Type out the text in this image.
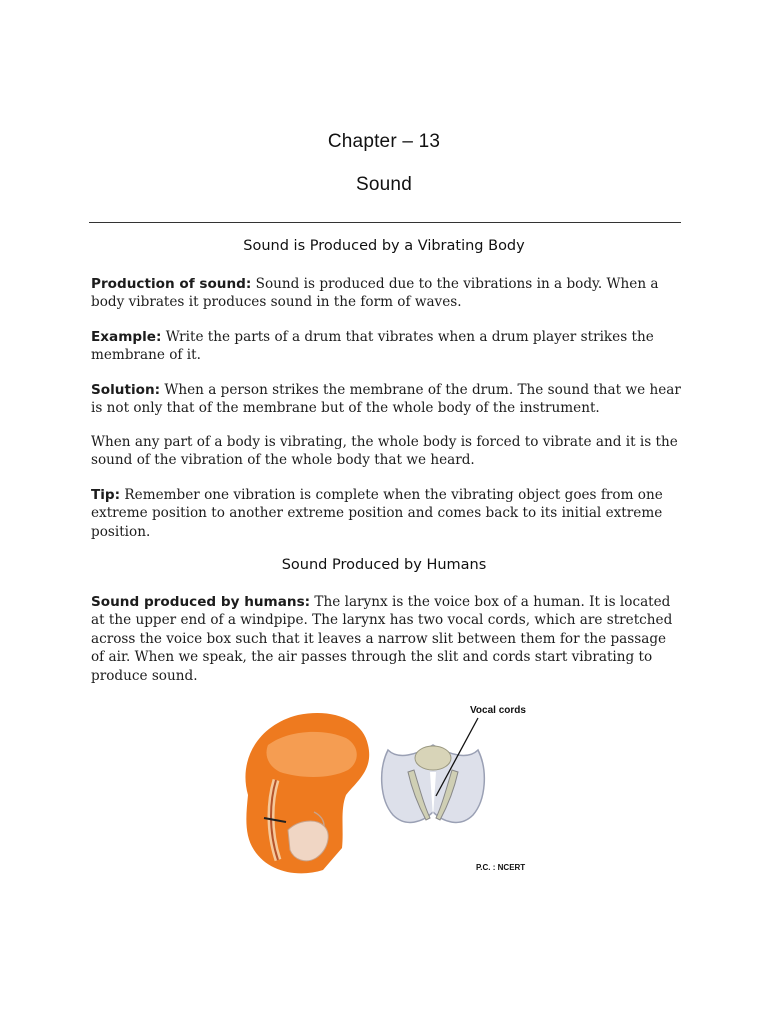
Chapter – 13
Sound
Sound is Produced by a Vibrating Body

Production of sound: Sound is produced due to the vibrations in a body. When a body vibrates it produces sound in the form of waves.

Example: Write the parts of a drum that vibrates when a drum player strikes the membrane of it.

Solution: When a person strikes the membrane of the drum. The sound that we hear is not only that of the membrane but of the whole body of the instrument.

When any part of a body is vibrating, the whole body is forced to vibrate and it is the sound of the vibration of the whole body that we heard.

Tip: Remember one vibration is complete when the vibrating object goes from one extreme position to another extreme position and comes back to its initial extreme position.

Sound Produced by Humans

Sound produced by humans: The larynx is the voice box of a human. It is located at the upper end of a windpipe. The larynx has two vocal cords, which are stretched across the voice box such that it leaves a narrow slit between them for the passage of air. When we speak, the air passes through the slit and cords start vibrating to produce sound.

Vocal cords
P.C. : NCERT
